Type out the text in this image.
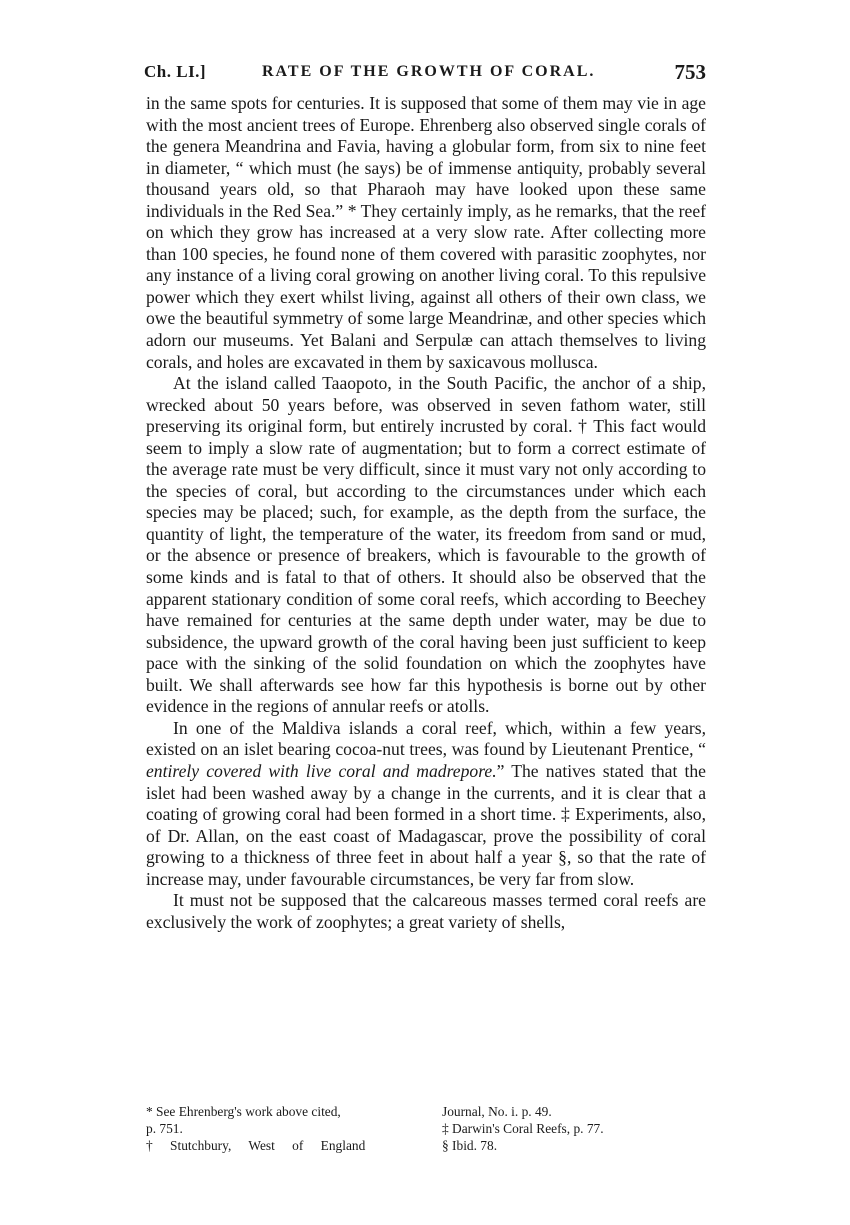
Ch. LI.]	RATE OF THE GROWTH OF CORAL.	753

in the same spots for centuries. It is supposed that some of them may vie in age with the most ancient trees of Europe. Ehrenberg also observed single corals of the genera Meandrina and Favia, having a globular form, from six to nine feet in diameter, “ which must (he says) be of immense antiquity, probably several thousand years old, so that Pharaoh may have looked upon these same individuals in the Red Sea.” * They certainly imply, as he remarks, that the reef on which they grow has increased at a very slow rate. After collecting more than 100 species, he found none of them covered with parasitic zoophytes, nor any instance of a living coral growing on another living coral. To this repulsive power which they exert whilst living, against all others of their own class, we owe the beautiful symmetry of some large Meandrinæ, and other species which adorn our museums. Yet Balani and Serpulæ can attach themselves to living corals, and holes are excavated in them by saxicavous mollusca.

At the island called Taaopoto, in the South Pacific, the anchor of a ship, wrecked about 50 years before, was observed in seven fathom water, still preserving its original form, but entirely incrusted by coral. † This fact would seem to imply a slow rate of augmentation; but to form a correct estimate of the average rate must be very difficult, since it must vary not only according to the species of coral, but according to the circumstances under which each species may be placed; such, for example, as the depth from the surface, the quantity of light, the temperature of the water, its freedom from sand or mud, or the absence or presence of breakers, which is favourable to the growth of some kinds and is fatal to that of others. It should also be observed that the apparent stationary condition of some coral reefs, which according to Beechey have remained for centuries at the same depth under water, may be due to subsidence, the upward growth of the coral having been just sufficient to keep pace with the sinking of the solid foundation on which the zoophytes have built. We shall afterwards see how far this hypothesis is borne out by other evidence in the regions of annular reefs or atolls.

In one of the Maldiva islands a coral reef, which, within a few years, existed on an islet bearing cocoa-nut trees, was found by Lieutenant Prentice, “ entirely covered with live coral and madrepore.” The natives stated that the islet had been washed away by a change in the currents, and it is clear that a coating of growing coral had been formed in a short time. ‡ Experiments, also, of Dr. Allan, on the east coast of Madagascar, prove the possibility of coral growing to a thickness of three feet in about half a year §, so that the rate of increase may, under favourable circumstances, be very far from slow.

It must not be supposed that the calcareous masses termed coral reefs are exclusively the work of zoophytes; a great variety of shells,

* See Ehrenberg's work above cited,
p. 751.
† Stutchbury, West of England
Journal, No. i. p. 49.
‡ Darwin's Coral Reefs, p. 77.
§ Ibid. 78.
